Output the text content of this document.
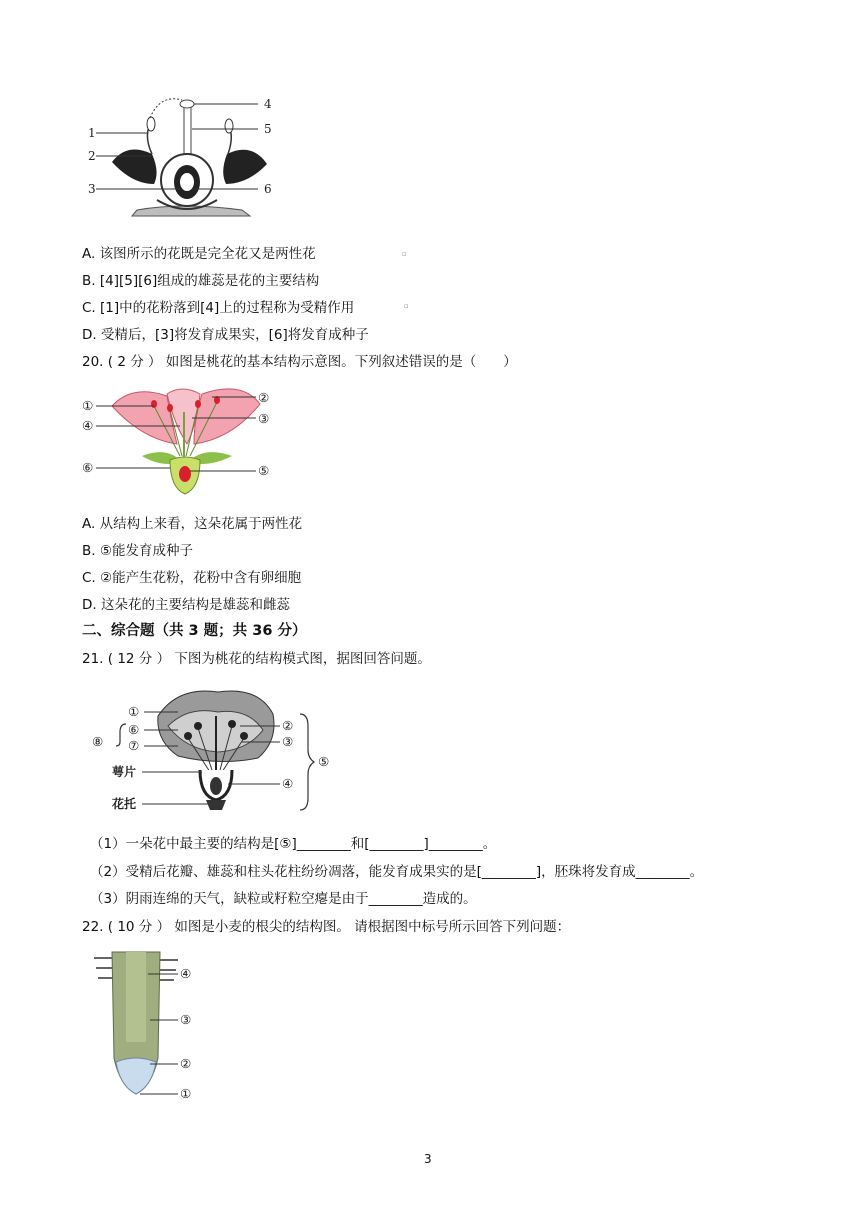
1
2
3
4
5
6
A. 该图所示的花既是完全花又是两性花	▫
B. [4][5][6]组成的雄蕊是花的主要结构
C. [1]中的花粉落到[4]上的过程称为受精作用	▫
D. 受精后，[3]将发育成果实，[6]将发育成种子
20. ( 2 分 ） 如图是桃花的基本结构示意图。下列叙述错误的是（　　）
①
②
③
④
⑤
⑥
A. 从结构上来看，这朵花属于两性花
B. ⑤能发育成种子
C. ②能产生花粉，花粉中含有卵细胞
D. 这朵花的主要结构是雄蕊和雌蕊
二、综合题（共 3 题；共 36 分）
21. ( 12 分 ） 下图为桃花的结构模式图，据图回答问题。
①
⑥
⑦
⑧
萼片
花托
②
③
④
⑤
（1）一朵花中最主要的结构是[⑤]________和[________]________。
（2）受精后花瓣、雄蕊和柱头花柱纷纷凋落，能发育成果实的是[________]，胚珠将发育成________。
（3）阴雨连绵的天气，缺粒或籽粒空瘪是由于________造成的。
22. ( 10 分 ） 如图是小麦的根尖的结构图。 请根据图中标号所示回答下列问题：
④
③
②
①
3
